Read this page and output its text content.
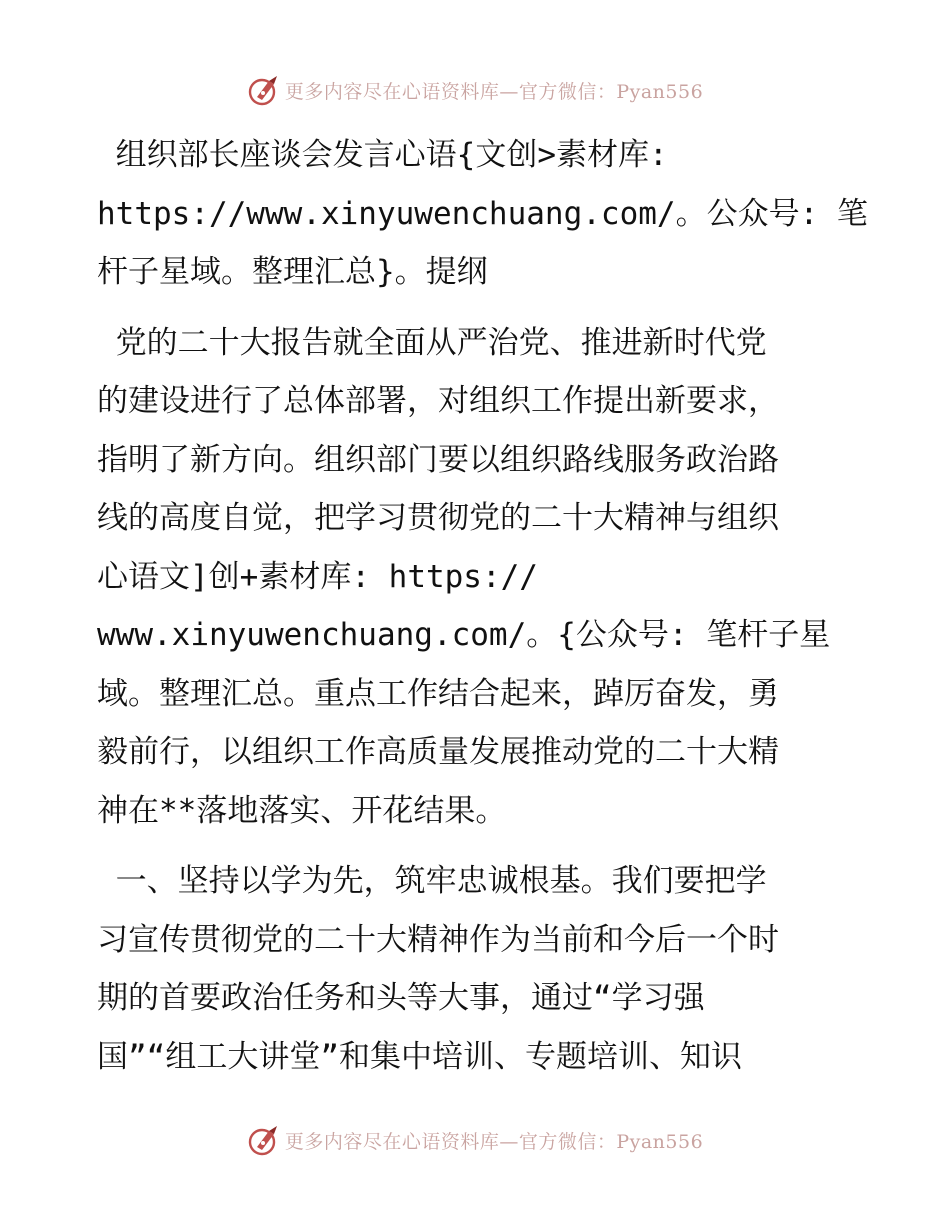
更多内容尽在心语资料库—官方微信：Pyan556

组织部长座谈会发言心语{文创>素材库:
https://www.xinyuwenchuang.com/。公众号: 笔
杆子星域。整理汇总}。提纲

党的二十大报告就全面从严治党、推进新时代党
的建设进行了总体部署，对组织工作提出新要求，
指明了新方向。组织部门要以组织路线服务政治路
线的高度自觉，把学习贯彻党的二十大精神与组织
心语文]创+素材库: https://
www.xinyuwenchuang.com/。{公众号: 笔杆子星
域。整理汇总。重点工作结合起来，踔厉奋发，勇
毅前行，以组织工作高质量发展推动党的二十大精
神在**落地落实、开花结果。

一、坚持以学为先，筑牢忠诚根基。我们要把学
习宣传贯彻党的二十大精神作为当前和今后一个时
期的首要政治任务和头等大事，通过“学习强
国”“组工大讲堂”和集中培训、专题培训、知识

更多内容尽在心语资料库—官方微信：Pyan556
